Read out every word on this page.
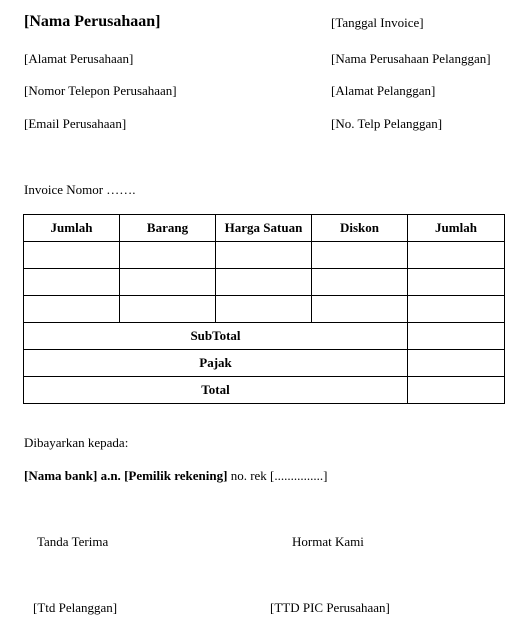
[Nama Perusahaan]	[Tanggal Invoice]
[Alamat Perusahaan]	[Nama Perusahaan Pelanggan]
[Nomor Telepon Perusahaan]	[Alamat Pelanggan]
[Email Perusahaan]	[No. Telp Pelanggan]
Invoice Nomor …….
Jumlah	Barang	Harga Satuan	Diskon	Jumlah

SubTotal				
Pajak				
Total				
Dibayarkan kepada:
[Nama bank] a.n. [Pemilik rekening] no. rek [...............]
Tanda Terima	Hormat Kami
[Ttd Pelanggan]	[TTD PIC Perusahaan]
